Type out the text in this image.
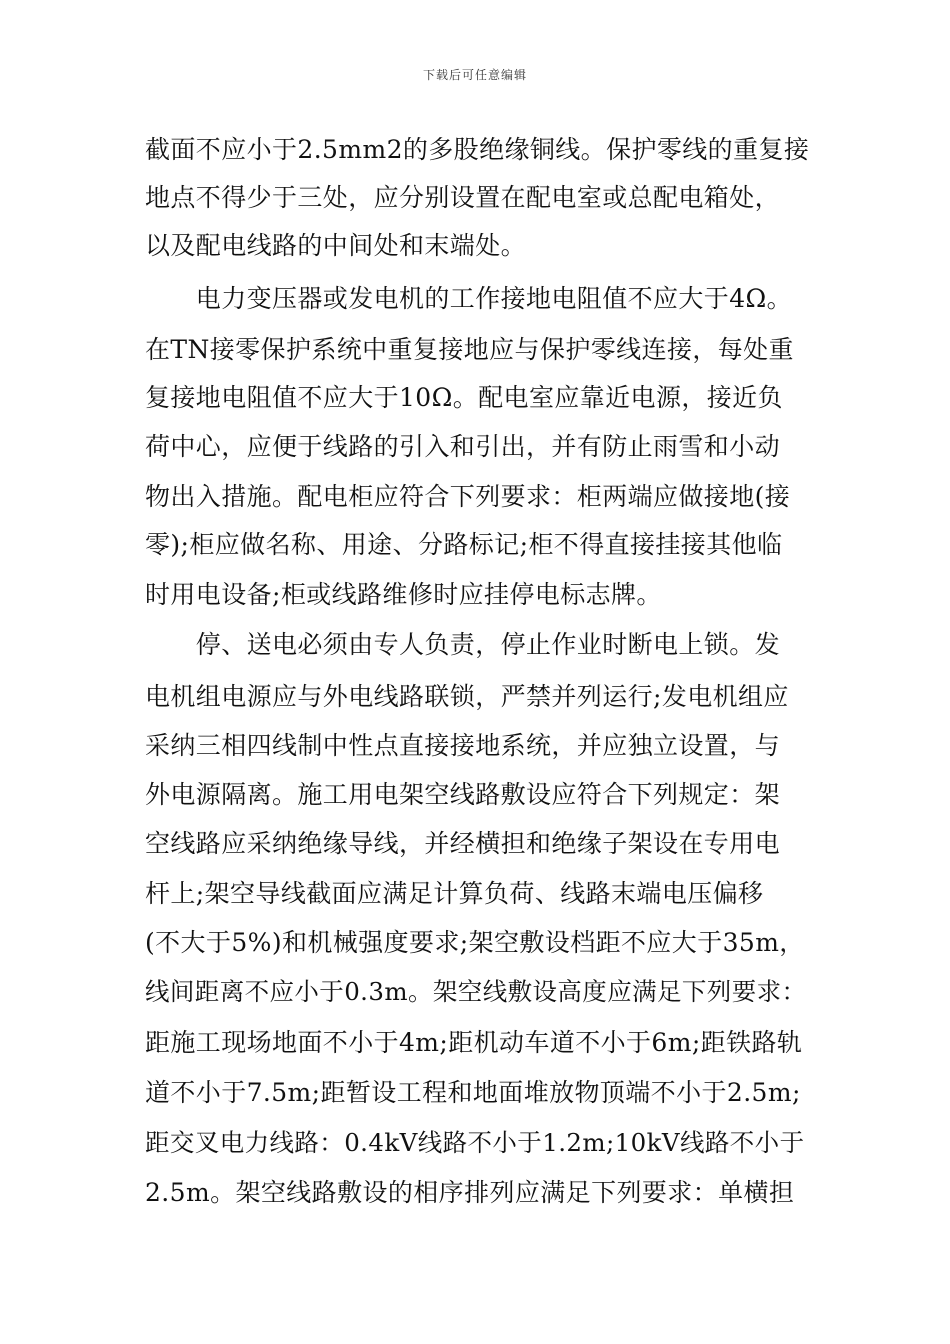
下载后可任意编辑
截面不应小于2.5mm2的多股绝缘铜线。保护零线的重复接
地点不得少于三处，应分别设置在配电室或总配电箱处，
以及配电线路的中间处和末端处。
　　电力变压器或发电机的工作接地电阻值不应大于4Ω。
在TN接零保护系统中重复接地应与保护零线连接，每处重
复接地电阻值不应大于10Ω。配电室应靠近电源，接近负
荷中心，应便于线路的引入和引出，并有防止雨雪和小动
物出入措施。配电柜应符合下列要求：柜两端应做接地(接
零);柜应做名称、用途、分路标记;柜不得直接挂接其他临
时用电设备;柜或线路维修时应挂停电标志牌。
　　停、送电必须由专人负责，停止作业时断电上锁。发
电机组电源应与外电线路联锁，严禁并列运行;发电机组应
采纳三相四线制中性点直接接地系统，并应独立设置，与
外电源隔离。施工用电架空线路敷设应符合下列规定：架
空线路应采纳绝缘导线，并经横担和绝缘子架设在专用电
杆上;架空导线截面应满足计算负荷、线路末端电压偏移
(不大于5%)和机械强度要求;架空敷设档距不应大于35m，
线间距离不应小于0.3m。架空线敷设高度应满足下列要求：
距施工现场地面不小于4m;距机动车道不小于6m;距铁路轨
道不小于7.5m;距暂设工程和地面堆放物顶端不小于2.5m;
距交叉电力线路：0.4kV线路不小于1.2m;10kV线路不小于
2.5m。架空线路敷设的相序排列应满足下列要求：单横担
